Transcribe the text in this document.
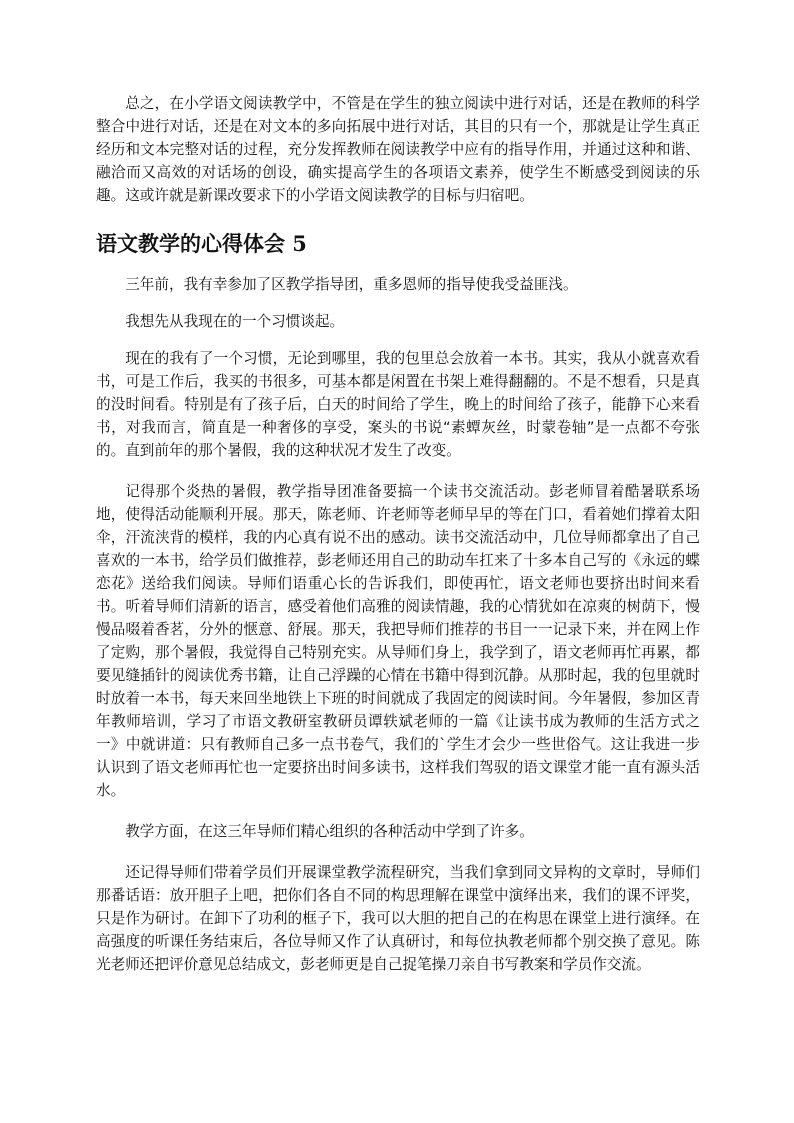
总之，在小学语文阅读教学中，不管是在学生的独立阅读中进行对话，还是在教师的科学整合中进行对话，还是在对文本的多向拓展中进行对话，其目的只有一个，那就是让学生真正经历和文本完整对话的过程，充分发挥教师在阅读教学中应有的指导作用，并通过这种和谐、融洽而又高效的对话场的创设，确实提高学生的各项语文素养，使学生不断感受到阅读的乐趣。这或许就是新课改要求下的小学语文阅读教学的目标与归宿吧。

语文教学的心得体会 5

三年前，我有幸参加了区教学指导团，重多恩师的指导使我受益匪浅。

我想先从我现在的一个习惯谈起。

现在的我有了一个习惯，无论到哪里，我的包里总会放着一本书。其实，我从小就喜欢看书，可是工作后，我买的书很多，可基本都是闲置在书架上难得翻翻的。不是不想看，只是真的没时间看。特别是有了孩子后，白天的时间给了学生，晚上的时间给了孩子，能静下心来看书，对我而言，简直是一种奢侈的享受，案头的书说“素蟫灰丝，时蒙卷轴”是一点都不夸张的。直到前年的那个暑假，我的这种状况才发生了改变。

记得那个炎热的暑假，教学指导团准备要搞一个读书交流活动。彭老师冒着酷暑联系场地，使得活动能顺利开展。那天，陈老师、许老师等老师早早的等在门口，看着她们撑着太阳伞，汗流浃背的模样，我的内心真有说不出的感动。读书交流活动中，几位导师都拿出了自己喜欢的一本书，给学员们做推荐，彭老师还用自己的助动车扛来了十多本自己写的《永远的蝶恋花》送给我们阅读。导师们语重心长的告诉我们，即使再忙，语文老师也要挤出时间来看书。听着导师们清新的语言，感受着他们高雅的阅读情趣，我的心情犹如在凉爽的树荫下，慢慢品啜着香茗，分外的惬意、舒展。那天，我把导师们推荐的书目一一记录下来，并在网上作了定购，那个暑假，我觉得自己特别充实。从导师们身上，我学到了，语文老师再忙再累，都要见缝插针的阅读优秀书籍，让自己浮躁的心情在书籍中得到沉静。从那时起，我的包里就时时放着一本书，每天来回坐地铁上下班的时间就成了我固定的阅读时间。今年暑假，参加区青年教师培训，学习了市语文教研室教研员谭轶斌老师的一篇《让读书成为教师的生活方式之一》中就讲道：只有教师自己多一点书卷气，我们的`学生才会少一些世俗气。这让我进一步认识到了语文老师再忙也一定要挤出时间多读书，这样我们驾驭的语文课堂才能一直有源头活水。

教学方面，在这三年导师们精心组织的各种活动中学到了许多。

还记得导师们带着学员们开展课堂教学流程研究，当我们拿到同文异构的文章时，导师们那番话语：放开胆子上吧，把你们各自不同的构思理解在课堂中演绎出来，我们的课不评奖，只是作为研讨。在卸下了功利的框子下，我可以大胆的把自己的在构思在课堂上进行演绎。在高强度的听课任务结束后，各位导师又作了认真研讨，和每位执教老师都个别交换了意见。陈光老师还把评价意见总结成文，彭老师更是自己捉笔操刀亲自书写教案和学员作交流。
